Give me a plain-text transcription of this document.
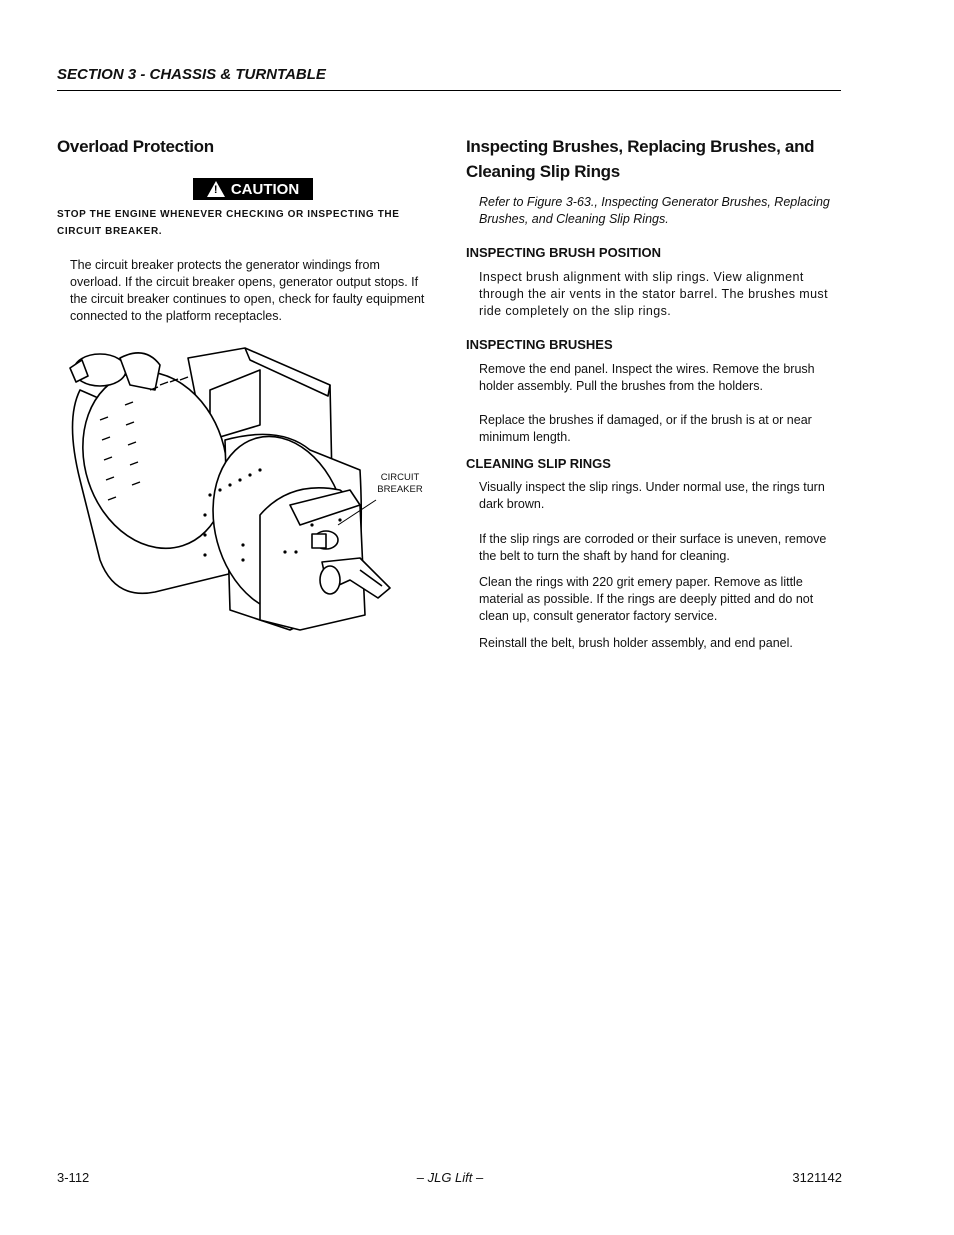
SECTION 3 - CHASSIS & TURNTABLE
Overload Protection
! CAUTION
STOP THE ENGINE WHENEVER CHECKING OR INSPECTING THE CIRCUIT BREAKER.
The circuit breaker protects the generator windings from overload. If the circuit breaker opens, generator output stops. If the circuit breaker continues to open, check for faulty equipment connected to the platform receptacles.
CIRCUIT
BREAKER
Inspecting Brushes, Replacing Brushes, and
Cleaning Slip Rings
Refer to Figure 3-63., Inspecting Generator Brushes, Replacing Brushes, and Cleaning Slip Rings.
INSPECTING BRUSH POSITION
Inspect brush alignment with slip rings. View alignment through the air vents in the stator barrel. The brushes must ride completely on the slip rings.
INSPECTING BRUSHES
Remove the end panel. Inspect the wires. Remove the brush holder assembly. Pull the brushes from the holders.
Replace the brushes if damaged, or if the brush is at or near minimum length.
CLEANING SLIP RINGS
Visually inspect the slip rings. Under normal use, the rings turn dark brown.
If the slip rings are corroded or their surface is uneven, remove the belt to turn the shaft by hand for cleaning.
Clean the rings with 220 grit emery paper. Remove as little material as possible. If the rings are deeply pitted and do not clean up, consult generator factory service.
Reinstall the belt, brush holder assembly, and end panel.
3-112	– JLG Lift –	3121142
